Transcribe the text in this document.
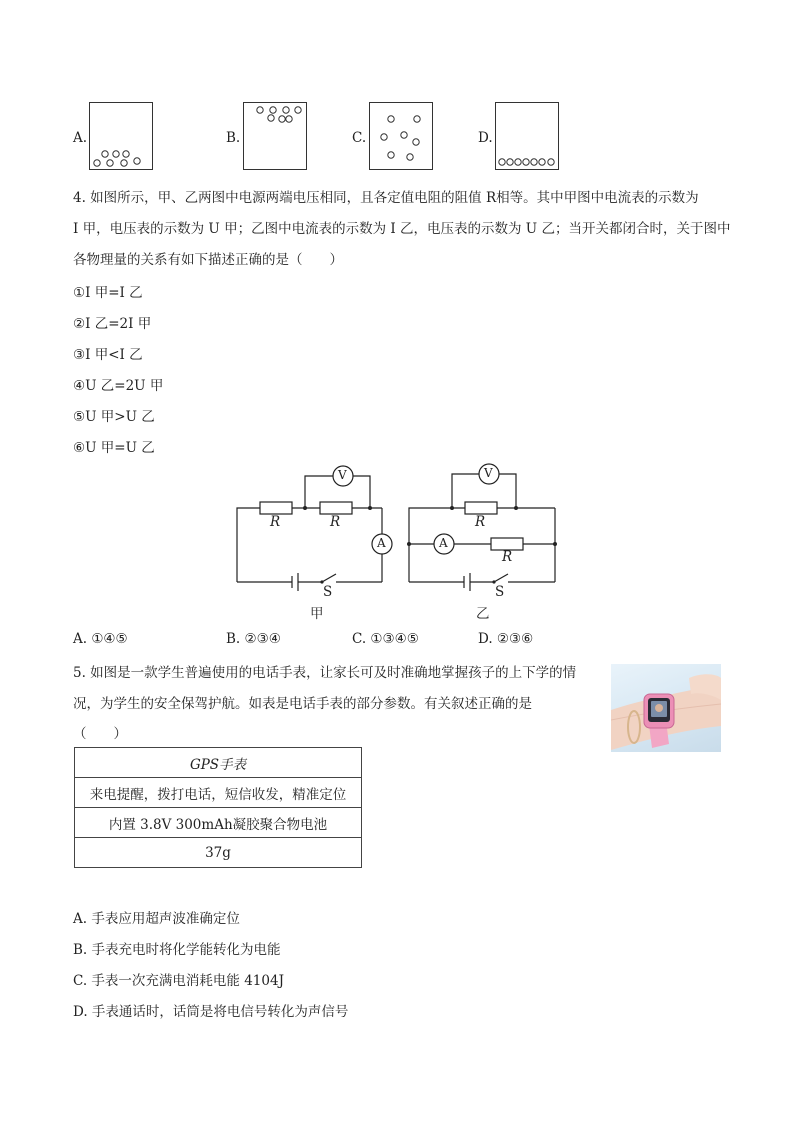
A.	B.	C.	D.
4. 如图所示，甲、乙两图中电源两端电压相同，且各定值电阻的阻值 R相等。其中甲图中电流表的示数为
I 甲，电压表的示数为 U 甲；乙图中电流表的示数为 I 乙，电压表的示数为 U 乙；当开关都闭合时，关于图中
各物理量的关系有如下描述正确的是（　　）
①I 甲=I 乙
②I 乙=2I 甲
③I 甲<I 乙
④U 乙=2U 甲
⑤U 甲>U 乙
⑥U 甲=U 乙
V
A
R	R
S
甲
V
A
R
R
S
乙
A. ①④⑤	B. ②③④	C. ①③④⑤	D. ②③⑥
5. 如图是一款学生普遍使用的电话手表，让家长可及时准确地掌握孩子的上下学的情
况，为学生的安全保驾护航。如表是电话手表的部分参数。有关叙述正确的是
（　　）
GPS手表
来电提醒，拨打电话，短信收发，精准定位
内置 3.8V 300mAh凝胶聚合物电池
37g
A. 手表应用超声波准确定位
B. 手表充电时将化学能转化为电能
C. 手表一次充满电消耗电能 4104J
D. 手表通话时，话筒是将电信号转化为声信号
